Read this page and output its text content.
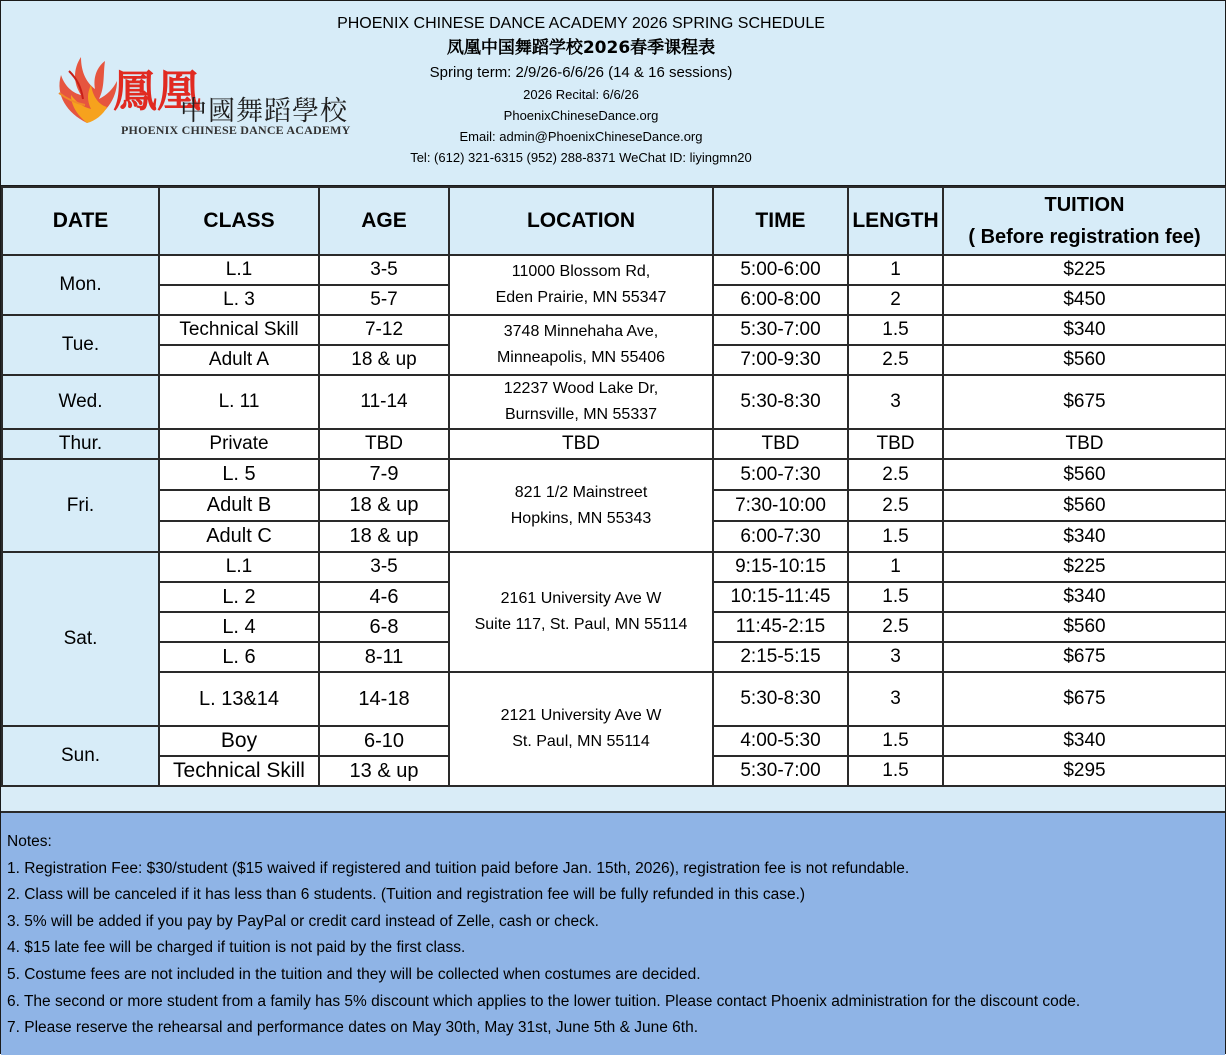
鳳凰
中國舞蹈學校
PHOENIX CHINESE DANCE ACADEMY
PHOENIX CHINESE DANCE ACADEMY 2026 SPRING SCHEDULE
凤凰中国舞蹈学校2026春季课程表
Spring term: 2/9/26-6/6/26 (14 & 16 sessions)
2026 Recital: 6/6/26
PhoenixChineseDance.org
Email: admin@PhoenixChineseDance.org
Tel: (612) 321-6315 (952) 288-8371 WeChat ID: liyingmn20
DATE	CLASS	AGE	LOCATION	TIME	LENGTH	TUITION
( Before registration fee)

Mon.	L.1	3-5	11000 Blossom Rd,
Eden Prairie, MN 55347	5:00-6:00	1	$225
	L. 3	5-7		6:00-8:00	2	$450
Tue.	Technical Skill	7-12	3748 Minnehaha Ave,
Minneapolis, MN 55406	5:30-7:00	1.5	$340
	Adult A	18 & up		7:00-9:30	2.5	$560
Wed.	L. 11	11-14	12237 Wood Lake Dr,
Burnsville, MN 55337	5:30-8:30	3	$675
Thur.	Private	TBD	TBD	TBD	TBD	TBD
Fri.	L. 5	7-9	821 1/2 Mainstreet
Hopkins, MN 55343	5:00-7:30	2.5	$560
	Adult B	18 & up		7:30-10:00	2.5	$560
	Adult C	18 & up		6:00-7:30	1.5	$340
Sat.	L.1	3-5	2161 University Ave W
Suite 117, St. Paul, MN 55114	9:15-10:15	1	$225
	L. 2	4-6		10:15-11:45	1.5	$340
	L. 4	6-8		11:45-2:15	2.5	$560
	L. 6	8-11		2:15-5:15	3	$675
	L. 13&14	14-18	2121 University Ave W
St. Paul, MN 55114	5:30-8:30	3	$675
Sun.	Boy	6-10		4:00-5:30	1.5	$340
	Technical Skill	13 & up		5:30-7:00	1.5	$295
Notes:
1. Registration Fee: $30/student ($15 waived if registered and tuition paid before Jan. 15th, 2026), registration fee is not refundable.
2. Class will be canceled if it has less than 6 students. (Tuition and registration fee will be fully refunded in this case.)
3. 5% will be added if you pay by PayPal or credit card instead of Zelle, cash or check.
4. $15 late fee will be charged if tuition is not paid by the first class.
5. Costume fees are not included in the tuition and they will be collected when costumes are decided.
6. The second or more student from a family has 5% discount which applies to the lower tuition. Please contact Phoenix administration for the discount code.
7. Please reserve the rehearsal and performance dates on May 30th, May 31st, June 5th & June 6th.
